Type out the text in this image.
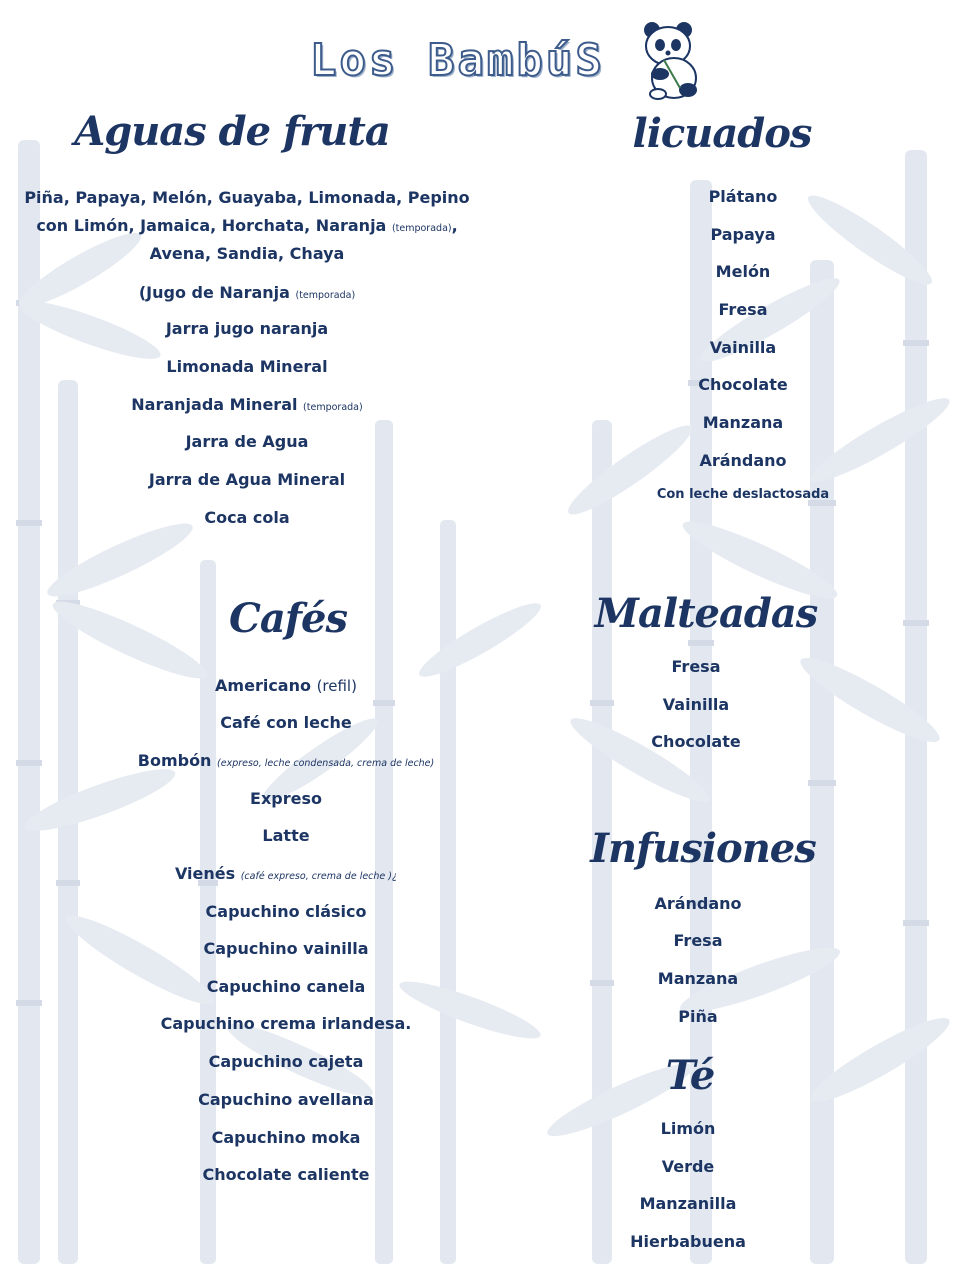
Los BambúS
Aguas de fruta

Piña, Papaya, Melón, Guayaba, Limonada, Pepino

con Limón, Jamaica, Horchata, Naranja (temporada),

Avena, Sandia, Chaya

(Jugo de Naranja (temporada)

Jarra jugo naranja

Limonada Mineral

Naranjada Mineral (temporada)

Jarra de Agua

Jarra de Agua Mineral

Coca cola

licuados

Plátano

Papaya

Melón

Fresa

Vainilla

Chocolate

Manzana

Arándano

Con leche deslactosada

Cafés

Americano (refil)

Café con leche

Bombón (expreso, leche condensada, crema de leche)

Expreso

Latte

Vienés (café expreso, crema de leche )¿

Capuchino clásico

Capuchino vainilla

Capuchino canela

Capuchino crema irlandesa.

Capuchino cajeta

Capuchino avellana

Capuchino moka

Chocolate caliente

Malteadas

Fresa

Vainilla

Chocolate

Infusiones

Arándano

Fresa

Manzana

Piña

Té

Limón

Verde

Manzanilla

Hierbabuena
